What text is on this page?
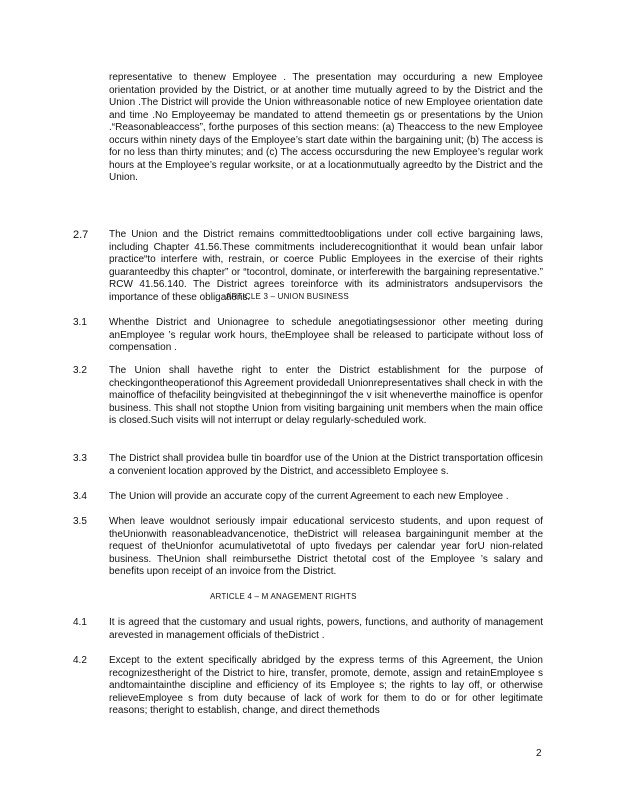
representative to thenew Employee . The presentation may occurduring a new Employee orientation provided by the District, or at another time mutually agreed to by the District and the Union .The District will provide the Union withreasonable notice of new Employee orientation date and time .No Employeemay be mandated to attend themeetin gs or presentations by the Union .“Reasonableaccess”, forthe purposes of this section means: (a) Theaccess to the new Employee occurs within ninety days of the Employee’s start date within the bargaining unit; (b) The access is for no less than thirty minutes; and (c) The access occursduring the new Employee’s regular work hours at the Employee’s regular worksite, or at a locationmutually agreedto by the District and the Union.

2.7 The Union and the District remains committedtoobligations under coll ective bargaining laws, including Chapter 41.56.These commitments includerecognitionthat it would bean unfair labor practice“to interfere with, restrain, or coerce Public Employees in the exercise of their rights guaranteedby this chapter” or “tocontrol, dominate, or interferewith the bargaining representative.” RCW 41.56.140. The District agrees toreinforce with its administrators andsupervisors the importance of these obligations.

ARTICLE 3 – UNION BUSINESS
3.1 Whenthe District and Unionagree to schedule anegotiatingsessionor other meeting during anEmployee ’s regular work hours, theEmployee shall be released to participate without loss of compensation .

3.2 The Union shall havethe right to enter the District establishment for the purpose of checkingontheoperationof this Agreement providedall Unionrepresentatives shall check in with the mainoffice of thefacility beingvisited at thebeginningof the v isit wheneverthe mainoffice is openfor business. This shall not stopthe Union from visiting bargaining unit members when the main office is closed.Such visits will not interrupt or delay regularly-scheduled work.

3.3 The District shall providea bulle tin boardfor use of the Union at the District transportation officesin a convenient location approved by the District, and accessibleto Employee s.

3.4 The Union will provide an accurate copy of the current Agreement to each new Employee .

3.5 When leave wouldnot seriously impair educational servicesto students, and upon request of theUnionwith reasonableadvancenotice, theDistrict will releasea bargainingunit member at the request of theUnionfor acumulativetotal of upto fivedays per calendar year forU nion-related business. TheUnion shall reimbursethe District thetotal cost of the Employee ’s salary and benefits upon receipt of an invoice from the District.

ARTICLE 4 – M ANAGEMENT RIGHTS
4.1 It is agreed that the customary and usual rights, powers, functions, and authority of management arevested in management officials of theDistrict .

4.2 Except to the extent specifically abridged by the express terms of this Agreement, the Union recognizestheright of the District to hire, transfer, promote, demote, assign and retainEmployee s andtomaintainthe discipline and efficiency of its Employee s; the rights to lay off, or otherwise relieveEmployee s from duty because of lack of work for them to do or for other legitimate reasons; theright to establish, change, and direct themethods

2
